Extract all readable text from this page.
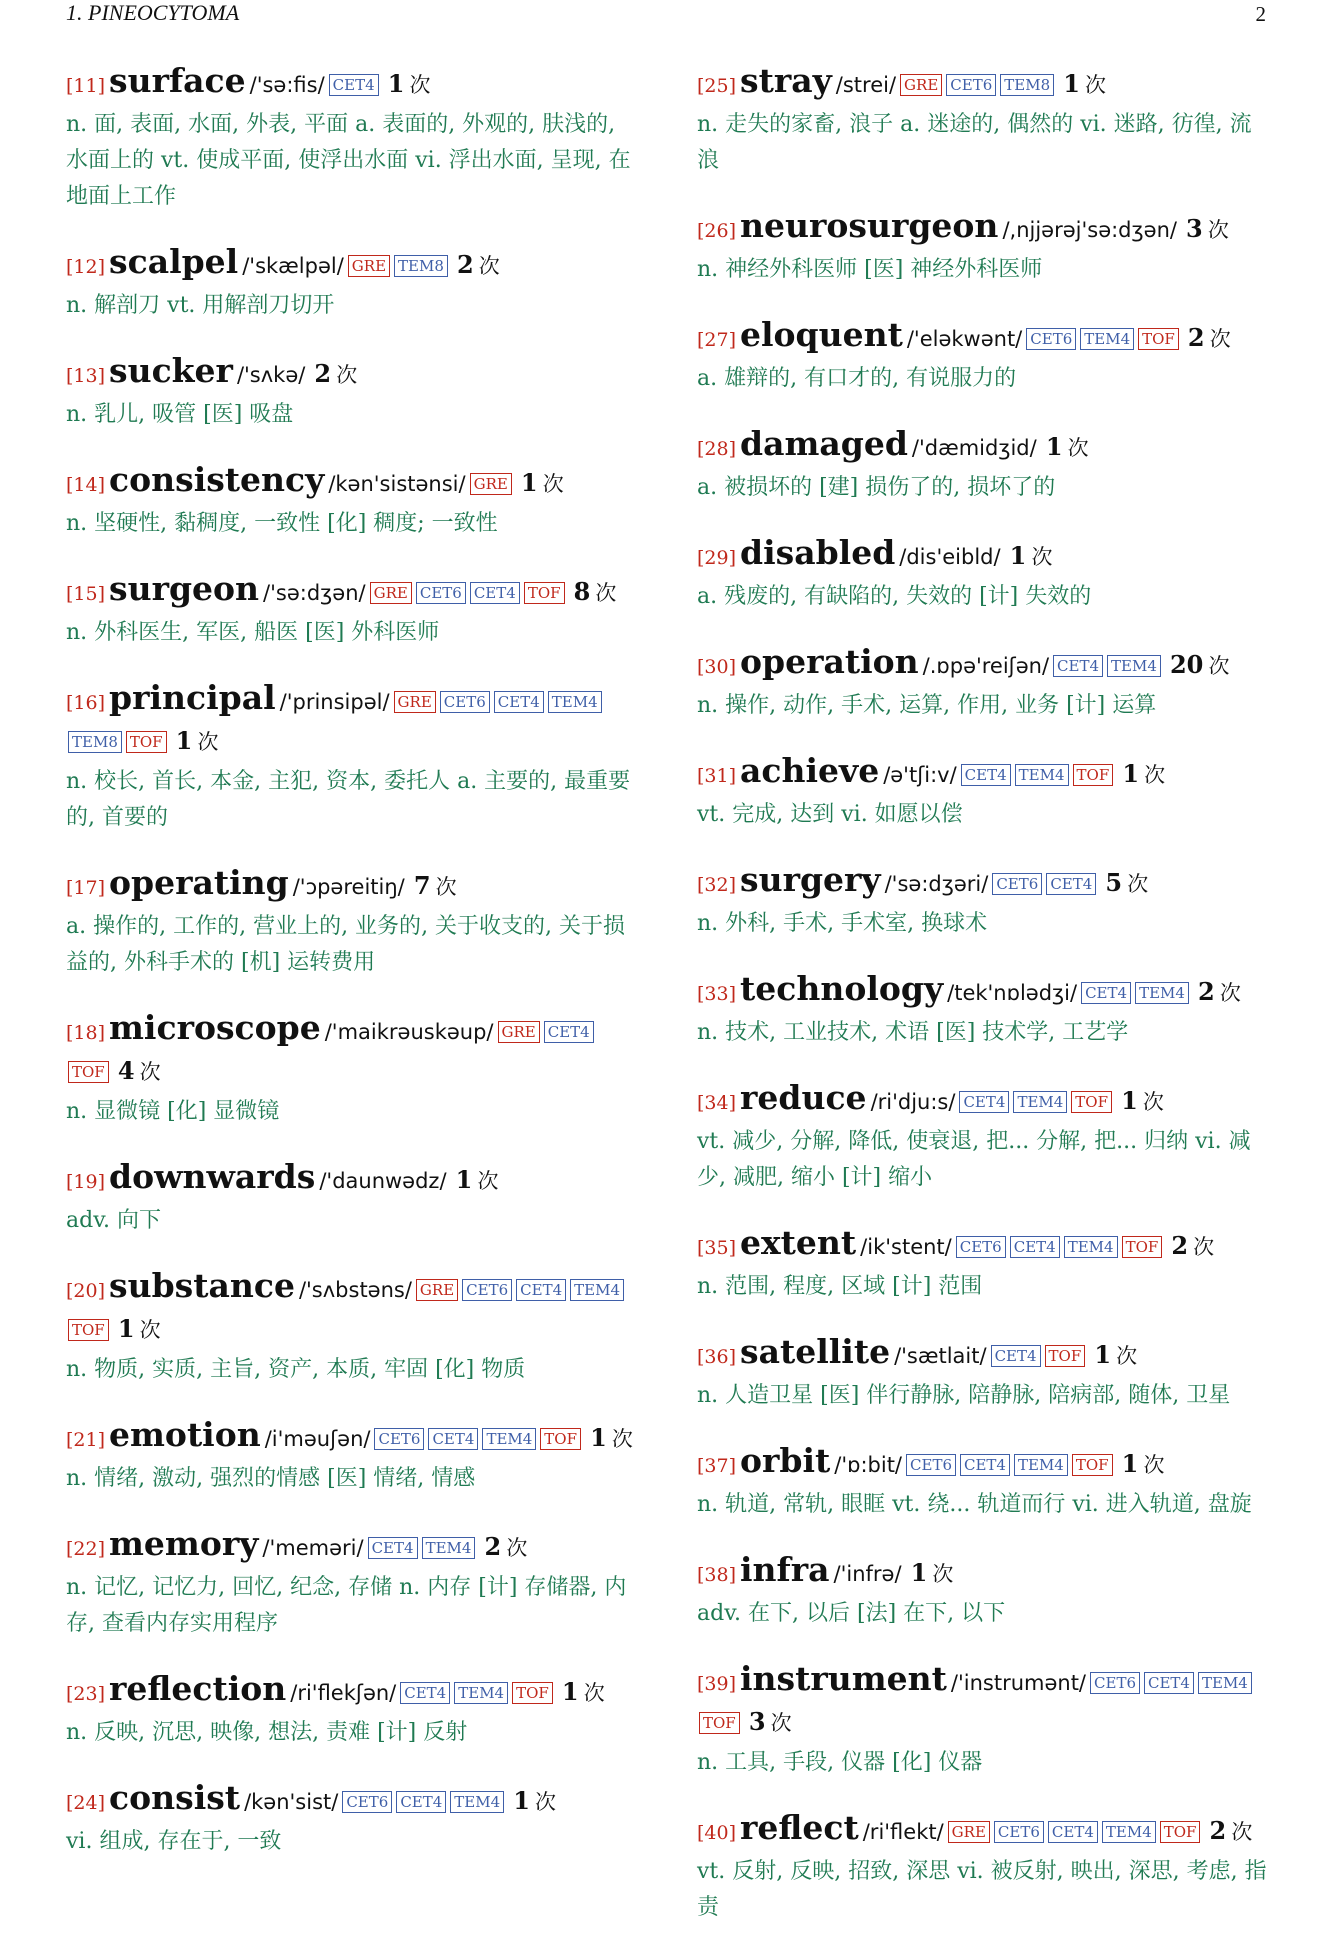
1. PINEOCYTOMA	2
[11] surface /'sə:fis/ CET4 1 次
n. 面, 表面, 水面, 外表, 平面 a. 表面的, 外观的, 肤浅的, 水面上的 vt. 使成平面, 使浮出水面 vi. 浮出水面, 呈现, 在地面上工作
[12] scalpel /'skælpəl/ GRE TEM8 2 次
n. 解剖刀 vt. 用解剖刀切开
[13] sucker /'sʌkə/ 2 次
n. 乳儿, 吸管 [医] 吸盘
[14] consistency /kən'sistənsi/ GRE 1 次
n. 坚硬性, 黏稠度, 一致性 [化] 稠度; 一致性
[15] surgeon /'sə:dʒən/ GRE CET6 CET4 TOF 8 次
n. 外科医生, 军医, 船医 [医] 外科医师
[16] principal /'prinsipəl/ GRE CET6 CET4 TEM4TEM8 TOF 1 次
n. 校长, 首长, 本金, 主犯, 资本, 委托人 a. 主要的, 最重要的, 首要的
[17] operating /'ɔpəreitiŋ/ 7 次
a. 操作的, 工作的, 营业上的, 业务的, 关于收支的, 关于损益的, 外科手术的 [机] 运转费用
[18] microscope /'maikrəuskəup/ GRE CET4TOF 4 次
n. 显微镜 [化] 显微镜
[19] downwards /'daunwədz/ 1 次
adv. 向下
[20] substance /'sʌbstəns/ GRE CET6 CET4 TEM4TOF 1 次
n. 物质, 实质, 主旨, 资产, 本质, 牢固 [化] 物质
[21] emotion /i'məuʃən/ CET6 CET4 TEM4 TOF 1 次
n. 情绪, 激动, 强烈的情感 [医] 情绪, 情感
[22] memory /'meməri/ CET4 TEM4 2 次
n. 记忆, 记忆力, 回忆, 纪念, 存储 n. 内存 [计] 存储器, 内存, 查看内存实用程序
[23] reflection /ri'flekʃən/ CET4 TEM4 TOF 1 次
n. 反映, 沉思, 映像, 想法, 责难 [计] 反射
[24] consist /kən'sist/ CET6 CET4 TEM4 1 次
vi. 组成, 存在于, 一致
[25] stray /strei/ GRE CET6 TEM8 1 次
n. 走失的家畜, 浪子 a. 迷途的, 偶然的 vi. 迷路, 彷徨, 流浪
[26] neurosurgeon /,njjərəj'sə:dʒən/ 3 次
n. 神经外科医师 [医] 神经外科医师
[27] eloquent /'eləkwənt/ CET6 TEM4 TOF 2 次
a. 雄辩的, 有口才的, 有说服力的
[28] damaged /'dæmidʒid/ 1 次
a. 被损坏的 [建] 损伤了的, 损坏了的
[29] disabled /dis'eibld/ 1 次
a. 残废的, 有缺陷的, 失效的 [计] 失效的
[30] operation /.ɒpə'reiʃən/ CET4 TEM4 20 次
n. 操作, 动作, 手术, 运算, 作用, 业务 [计] 运算
[31] achieve /ə'tʃi:v/ CET4 TEM4 TOF 1 次
vt. 完成, 达到 vi. 如愿以偿
[32] surgery /'sə:dʒəri/ CET6 CET4 5 次
n. 外科, 手术, 手术室, 换球术
[33] technology /tek'nɒlədʒi/ CET4 TEM4 2 次
n. 技术, 工业技术, 术语 [医] 技术学, 工艺学
[34] reduce /ri'dju:s/ CET4 TEM4 TOF 1 次
vt. 减少, 分解, 降低, 使衰退, 把... 分解, 把... 归纳 vi. 减少, 减肥, 缩小 [计] 缩小
[35] extent /ik'stent/ CET6 CET4 TEM4 TOF 2 次
n. 范围, 程度, 区域 [计] 范围
[36] satellite /'sætlait/ CET4 TOF 1 次
n. 人造卫星 [医] 伴行静脉, 陪静脉, 陪病部, 随体, 卫星
[37] orbit /'ɒ:bit/ CET6 CET4 TEM4 TOF 1 次
n. 轨道, 常轨, 眼眶 vt. 绕... 轨道而行 vi. 进入轨道, 盘旋
[38] infra /'infrə/ 1 次
adv. 在下, 以后 [法] 在下, 以下
[39] instrument /'instrumənt/ CET6 CET4 TEM4TOF 3 次
n. 工具, 手段, 仪器 [化] 仪器
[40] reflect /ri'flekt/ GRE CET6 CET4 TEM4 TOF 2 次
vt. 反射, 反映, 招致, 深思 vi. 被反射, 映出, 深思, 考虑, 指责
